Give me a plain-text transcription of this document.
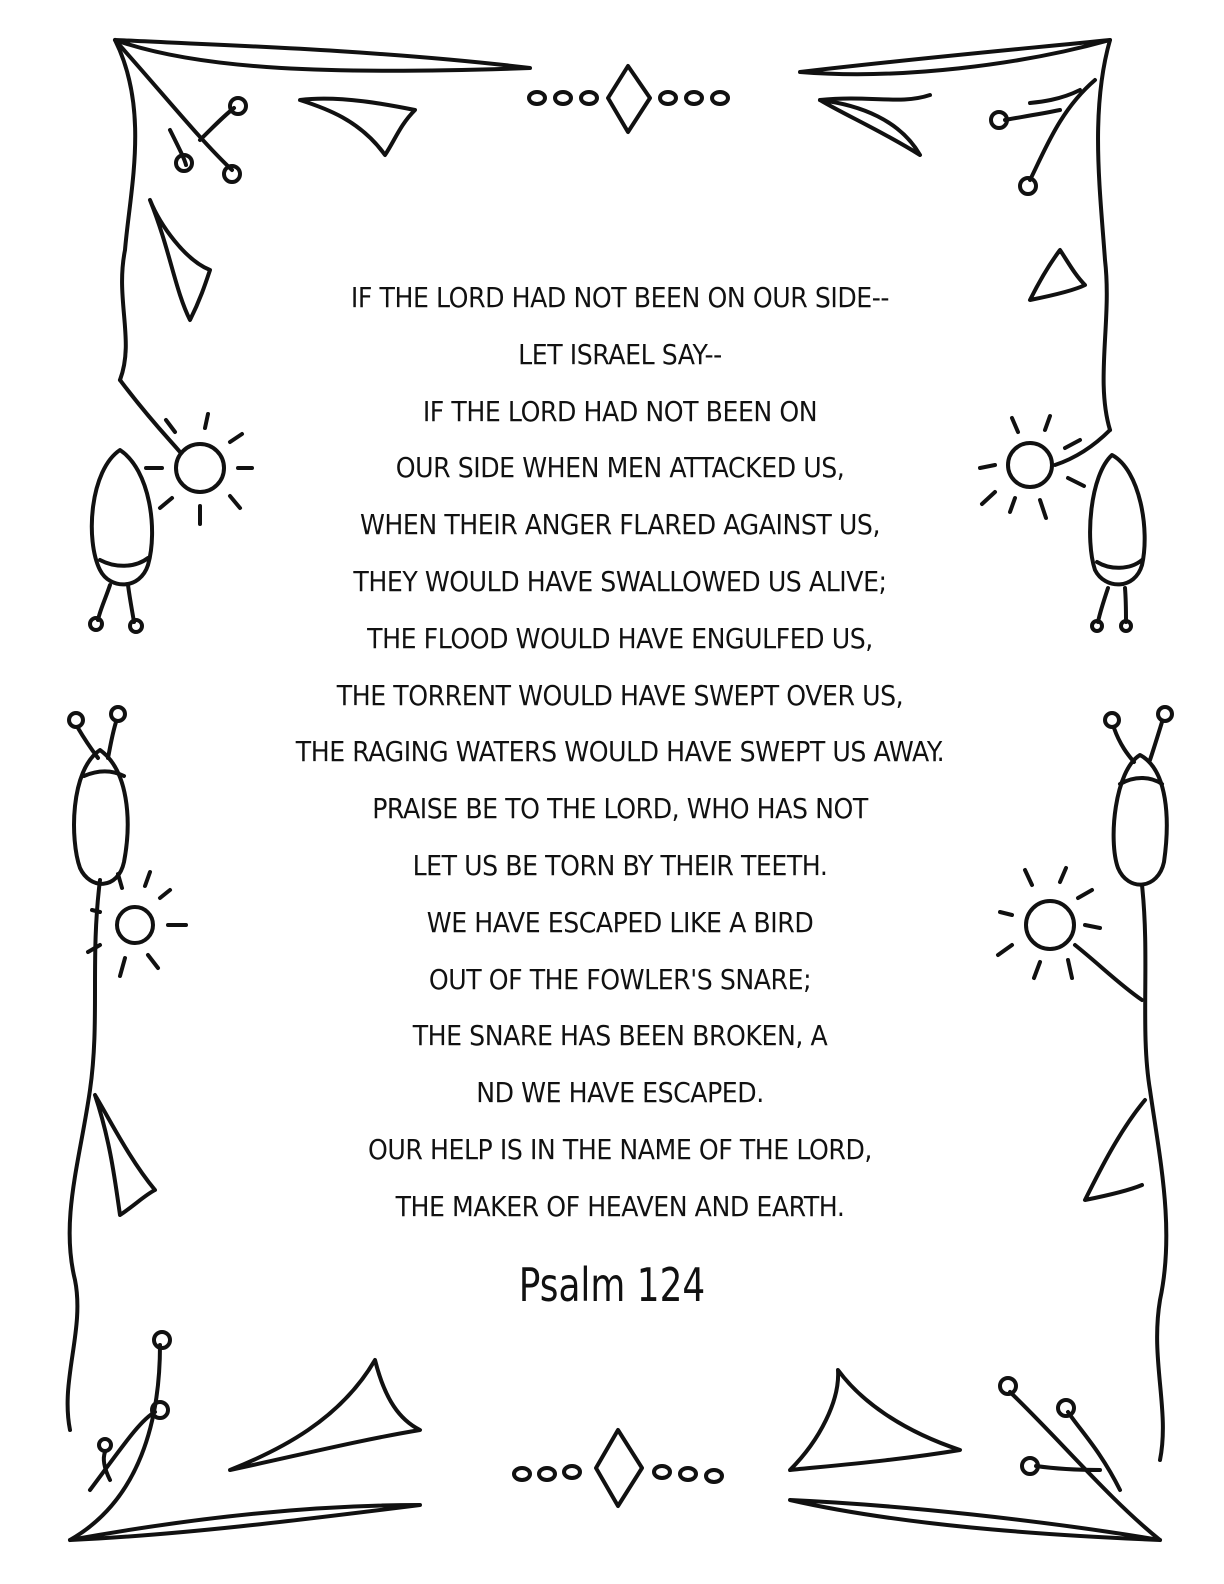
IF THE LORD HAD NOT BEEN ON OUR SIDE--
LET ISRAEL SAY--
IF THE LORD HAD NOT BEEN ON
OUR SIDE WHEN MEN ATTACKED US,
WHEN THEIR ANGER FLARED AGAINST US,
THEY WOULD HAVE SWALLOWED US ALIVE;
THE FLOOD WOULD HAVE ENGULFED US,
THE TORRENT WOULD HAVE SWEPT OVER US,
THE RAGING WATERS WOULD HAVE SWEPT US AWAY.
PRAISE BE TO THE LORD, WHO HAS NOT
LET US BE TORN BY THEIR TEETH.
WE HAVE ESCAPED LIKE A BIRD
OUT OF THE FOWLER'S SNARE;
THE SNARE HAS BEEN BROKEN, A
ND WE HAVE ESCAPED.
OUR HELP IS IN THE NAME OF THE LORD,
THE MAKER OF HEAVEN AND EARTH.
Psalm 124
